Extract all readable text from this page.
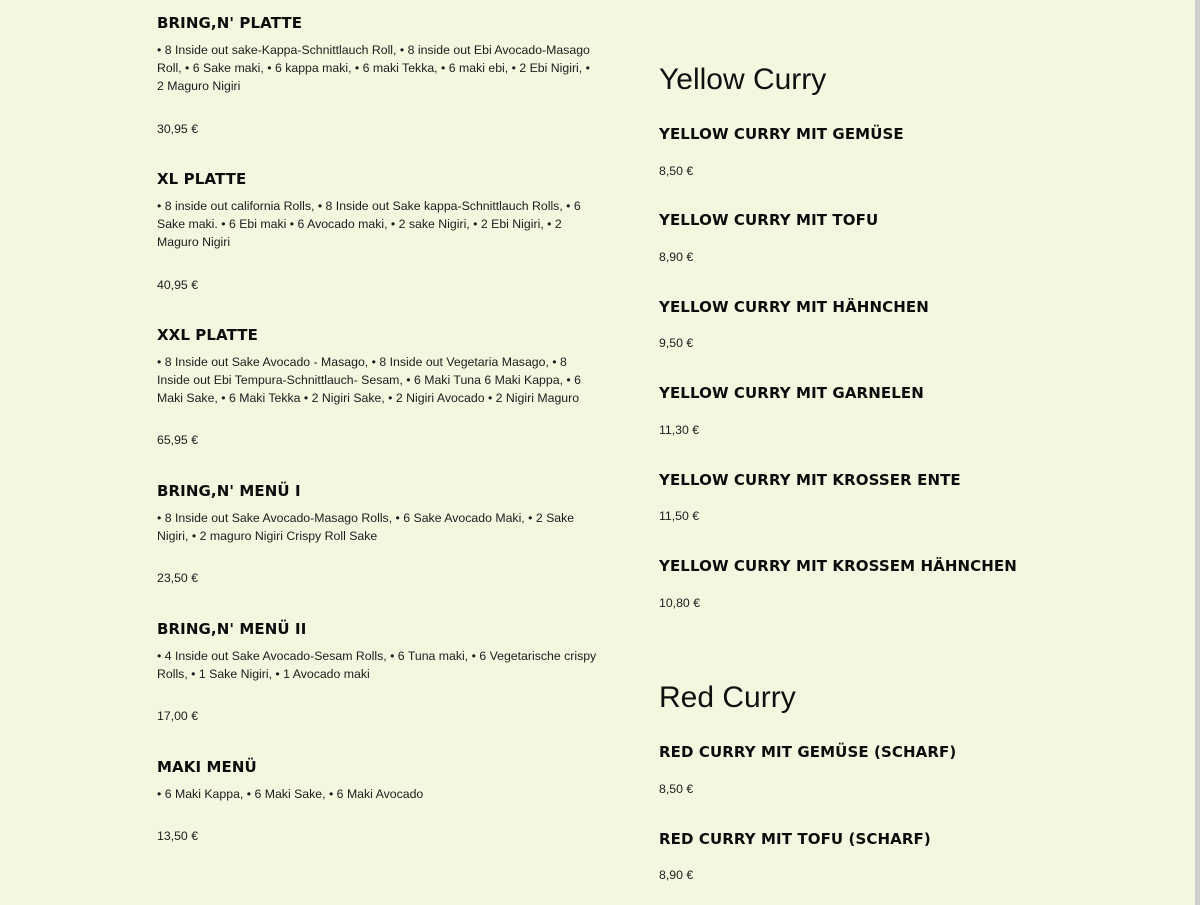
BRING,N' PLATTE

• 8 Inside out sake-Kappa-Schnittlauch Roll, • 8 inside out Ebi Avocado-Masago Roll, • 6 Sake maki, • 6 kappa maki, • 6 maki Tekka, • 6 maki ebi, • 2 Ebi Nigiri, • 2 Maguro Nigiri

30,95 €
XL PLATTE

• 8 inside out california Rolls, • 8 Inside out Sake kappa-Schnittlauch Rolls, • 6 Sake maki. • 6 Ebi maki • 6 Avocado maki, • 2 sake Nigiri, • 2 Ebi Nigiri, • 2 Maguro Nigiri

40,95 €
XXL PLATTE

• 8 Inside out Sake Avocado - Masago, • 8 Inside out Vegetaria Masago, • 8 Inside out Ebi Tempura-Schnittlauch- Sesam, • 6 Maki Tuna 6 Maki Kappa, • 6 Maki Sake, • 6 Maki Tekka • 2 Nigiri Sake, • 2 Nigiri Avocado • 2 Nigiri Maguro

65,95 €
BRING,N' MENÜ I

• 8 Inside out Sake Avocado-Masago Rolls, • 6 Sake Avocado Maki, • 2 Sake Nigiri, • 2 maguro Nigiri Crispy Roll Sake

23,50 €
BRING,N' MENÜ II

• 4 Inside out Sake Avocado-Sesam Rolls, • 6 Tuna maki, • 6 Vegetarische crispy Rolls, • 1 Sake Nigiri, • 1 Avocado maki

17,00 €
MAKI MENÜ

• 6 Maki Kappa, • 6 Maki Sake, • 6 Maki Avocado

13,50 €
Yellow Curry
YELLOW CURRY MIT GEMÜSE
8,50 €
YELLOW CURRY MIT TOFU
8,90 €
YELLOW CURRY MIT HÄHNCHEN
9,50 €
YELLOW CURRY MIT GARNELEN
11,30 €
YELLOW CURRY MIT KROSSER ENTE
11,50 €
YELLOW CURRY MIT KROSSEM HÄHNCHEN
10,80 €
Red Curry
RED CURRY MIT GEMÜSE (SCHARF)
8,50 €
RED CURRY MIT TOFU (SCHARF)
8,90 €
